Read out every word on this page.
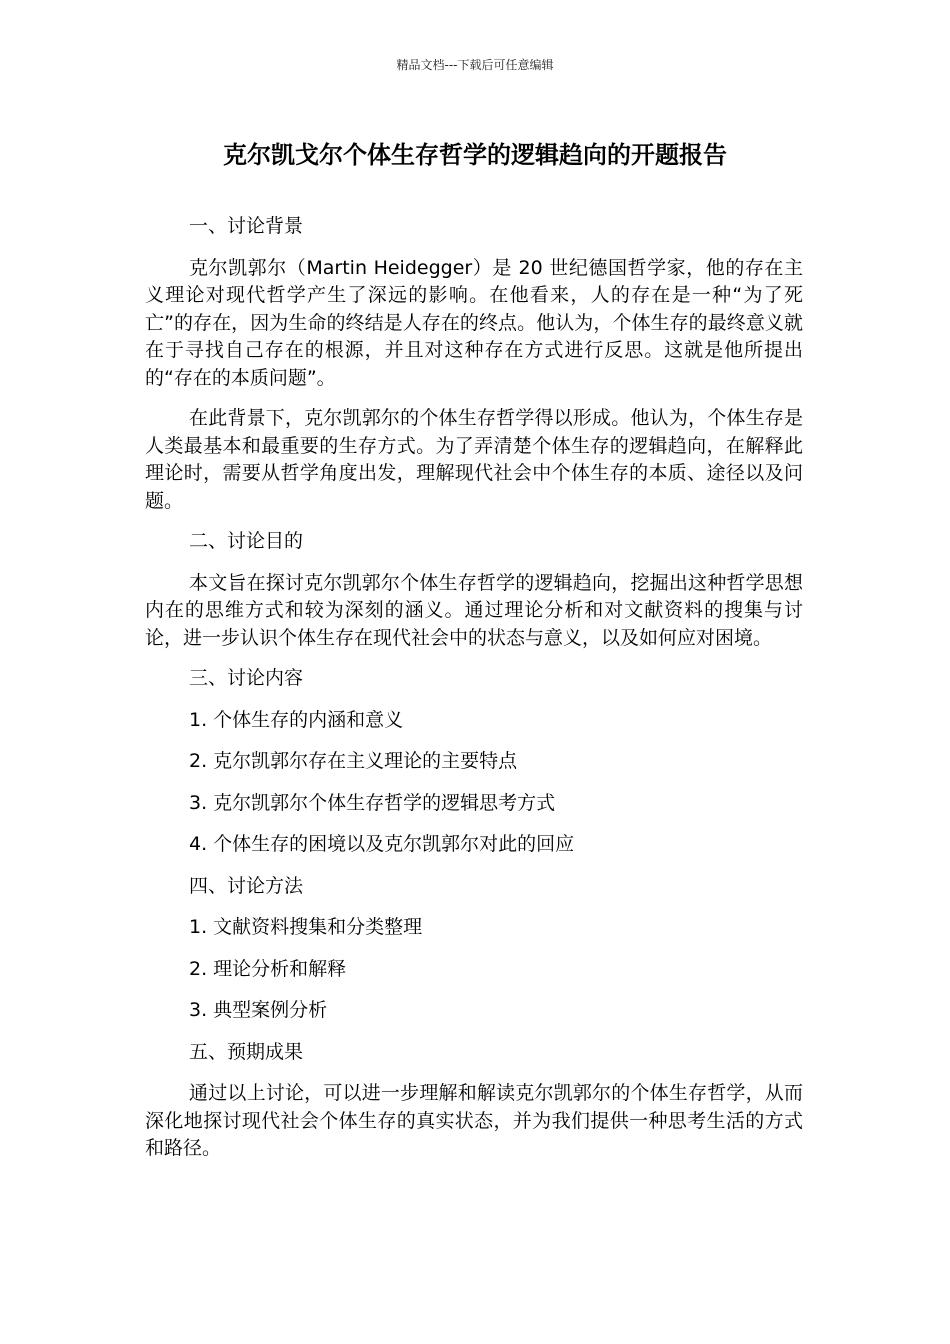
精品文档---下载后可任意编辑
克尔凯戈尔个体生存哲学的逻辑趋向的开题报告

一、讨论背景

克尔凯郭尔（Martin Heidegger）是 20 世纪德国哲学家，他的存在主义理论对现代哲学产生了深远的影响。在他看来，人的存在是一种“为了死亡”的存在，因为生命的终结是人存在的终点。他认为，个体生存的最终意义就在于寻找自己存在的根源，并且对这种存在方式进行反思。这就是他所提出的“存在的本质问题”。

在此背景下，克尔凯郭尔的个体生存哲学得以形成。他认为，个体生存是人类最基本和最重要的生存方式。为了弄清楚个体生存的逻辑趋向，在解释此理论时，需要从哲学角度出发，理解现代社会中个体生存的本质、途径以及问题。

二、讨论目的

本文旨在探讨克尔凯郭尔个体生存哲学的逻辑趋向，挖掘出这种哲学思想内在的思维方式和较为深刻的涵义。通过理论分析和对文献资料的搜集与讨论，进一步认识个体生存在现代社会中的状态与意义，以及如何应对困境。

三、讨论内容

1. 个体生存的内涵和意义

2. 克尔凯郭尔存在主义理论的主要特点

3. 克尔凯郭尔个体生存哲学的逻辑思考方式

4. 个体生存的困境以及克尔凯郭尔对此的回应

四、讨论方法

1. 文献资料搜集和分类整理

2. 理论分析和解释

3. 典型案例分析

五、预期成果

通过以上讨论，可以进一步理解和解读克尔凯郭尔的个体生存哲学，从而深化地探讨现代社会个体生存的真实状态，并为我们提供一种思考生活的方式和路径。
